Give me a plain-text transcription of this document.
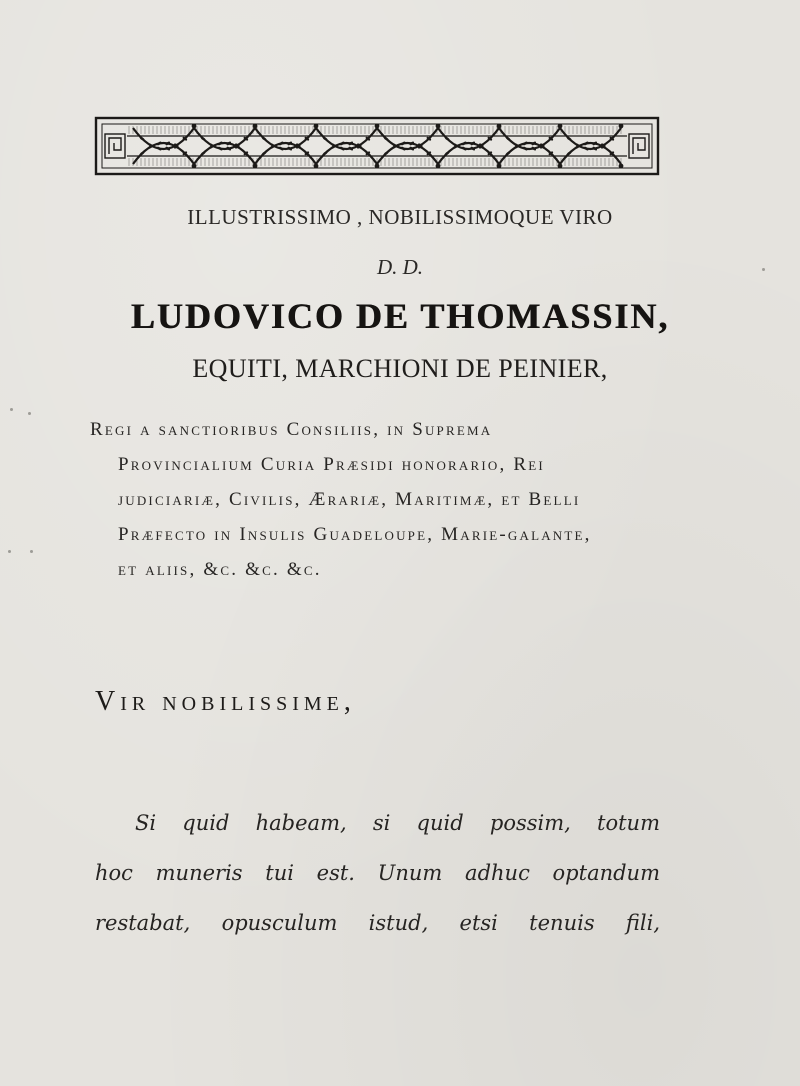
ILLUSTRISSIMO , NOBILISSIMOQUE VIRO
D. D.
LUDOVICO DE THOMASSIN,
EQUITI, MARCHIONI DE PEINIER,
Regi a sanctioribus Consiliis, in Suprema
Provincialium Curia Præsidi honorario, Rei
judiciariæ, Civilis, Ærariæ, Maritimæ, et Belli
Præfecto in Insulis Guadeloupe, Marie-galante,
et aliis, &c. &c. &c.
Vir nobilissime,
Si quid habeam, si quid possim, totum
hoc muneris tui est. Unum adhuc optandum
restabat, opusculum istud, etsi tenuis fili,
